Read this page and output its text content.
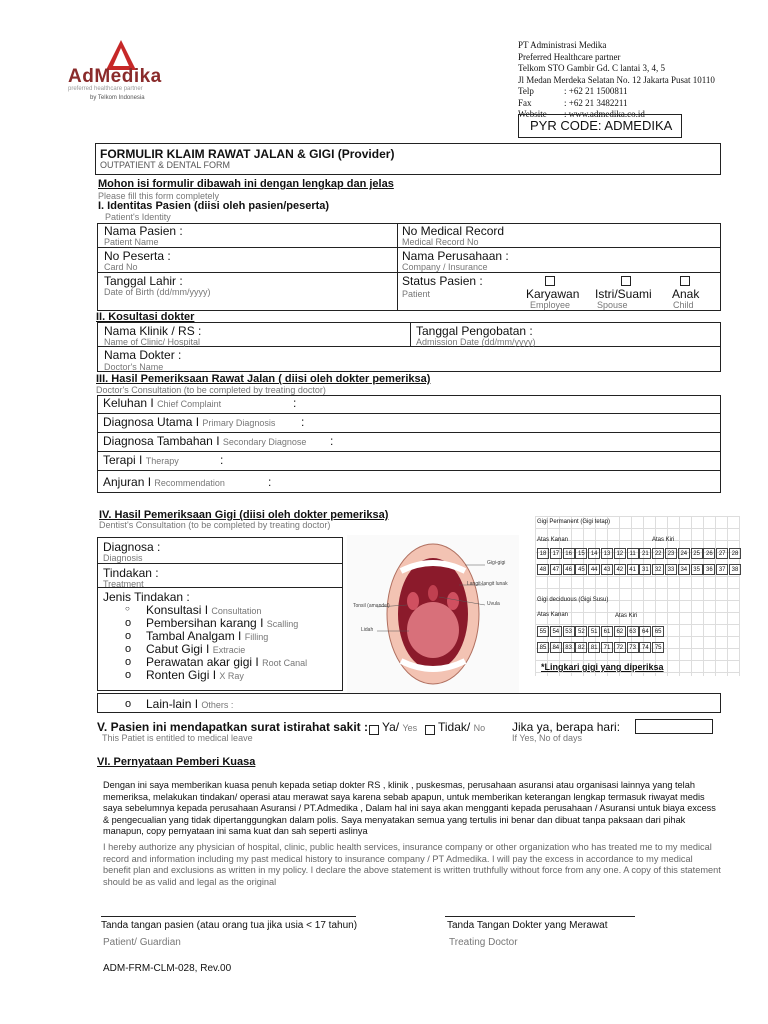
AdMedika
preferred healthcare partner
by Telkom Indonesia
PT Administrasi Medika
Preferred Healthcare partner
Telkom STO Gambir Gd. C lantai 3, 4, 5
Jl Medan Merdeka Selatan No. 12 Jakarta Pusat 10110
Telp	: +62 21 1500811
Fax	: +62 21 3482211
Website : www.admedika.co.id
PYR CODE: ADMEDIKA
FORMULIR KLAIM RAWAT JALAN & GIGI (Provider)
OUTPATIENT & DENTAL FORM
Mohon isi formulir dibawah ini dengan lengkap dan jelas
Please fill this form completely
I. Identitas Pasien (diisi oleh pasien/peserta)
Patient's Identity
Nama Pasien :
Patient Name
No Medical Record
Medical Record No
No Peserta :
Card No
Nama Perusahaan :
Company / Insurance
Tanggal Lahir :
Date of Birth (dd/mm/yyyy)
Status Pasien :
Patient	Karyawan
Employee
Istri/Suami
Spouse
Anak
Child
II. Kosultasi dokter
Nama Klinik / RS :
Name of Clinic/ Hospital
Tanggal Pengobatan :
Admission Date (dd/mm/yyyy)
Nama Dokter :
Doctor's Name
III. Hasil Pemeriksaan Rawat Jalan ( diisi oleh dokter pemeriksa)
Doctor's Consultation (to be completed by treating doctor)
Keluhan I Chief Complaint	:
Diagnosa Utama I Primary Diagnosis :
Diagnosa Tambahan I Secondary Diagnose :
Terapi I Therapy	:
Anjuran I Recommendation	:
IV. Hasil Pemeriksaan Gigi (diisi oleh dokter pemeriksa)
Dentist's Consultation (to be completed by treating doctor)
Diagnosa :
Diagnosis
Tindakan :
Treatment
Jenis Tindakan :
○ Konsultasi I Consultation
o Pembersihan karang I Scalling
o Tambal Analgam I Filling
o Cabut Gigi I Extracie
o Perawatan akar gigi I Root Canal
o Ronten Gigi I X Ray
o Lain-lain I Others :
Gigi-gigi
Langit-langit lunak
Uvula
Tonsil (amandel)
Lidah
Gigi Permanent (Gigi tetap)
Atas Kanan	Atas Kiri
18	17	16	15	14	13	12	11	21	22	23	24	25	26	27	28
48	47	46	45	44	43	42	41	31	32	33	34	35	36	37	38
Gigi deciduous (Gigi Susu)
Atas Kanan	Atas Kiri
55	54	53	52	51	61	62	63	64	65
85	84	83	82	81	71	72	73	74	75
*Lingkari gigi yang diperiksa
V. Pasien ini mendapatkan surat istirahat sakit :
This Patiet is entitled to medical leave
Ya/ Yes Tidak/ No Jika ya, berapa hari:
If Yes, No of days
VI. Pernyataan Pemberi Kuasa
Dengan ini saya memberikan kuasa penuh kepada setiap dokter RS , klinik , puskesmas, perusahaan asuransi atau organisasi lainnya yang telah memeriksa, melakukan tindakan/ operasi atau merawat saya karena sebab apapun, untuk memberikan keterangan lengkap termasuk riwayat medis saya sebelumnya kepada perusahaan Asuransi / PT.Admedika , Dalam hal ini saya akan mengganti kepada perusahaan / Asuransi untuk biaya excess & pengecualian yang tidak dipertanggungkan dalam polis. Saya menyatakan semua yang tertulis ini benar dan dibuat tanpa paksaan dari pihak manapun, copy pernyataan ini sama kuat dan sah seperti aslinya
I hereby authorize any physician of hospital, clinic, public health services, insurance company or other organization who has treated me to my medical record and information including my past medical history to insurance company / PT Admedika. I will pay the excess in accordance to my medical benefit plan and exclusions as written in my policy. I declare the above statement is written truthfully without force from any one. A copy of this statement should be as valid and legal as the original
Tanda tangan pasien (atau orang tua jika usia < 17 tahun)
Patient/ Guardian
Tanda Tangan Dokter yang Merawat
Treating Doctor
ADM-FRM-CLM-028, Rev.00
